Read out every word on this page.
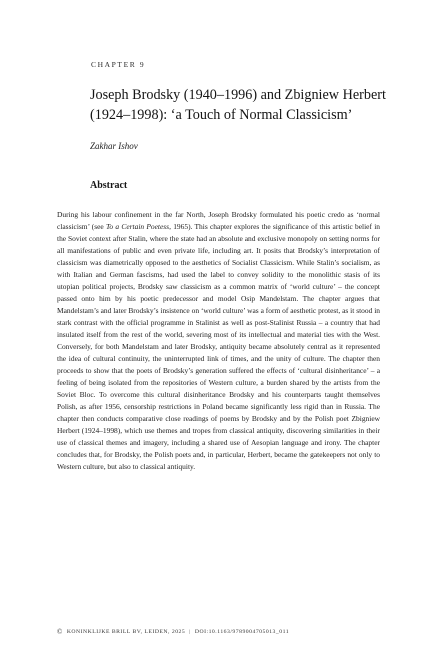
CHAPTER 9
Joseph Brodsky (1940–1996) and Zbigniew Herbert (1924–1998): ‘a Touch of Normal Classicism’
Zakhar Ishov
Abstract

During his labour confinement in the far North, Joseph Brodsky formulated his poetic credo as ‘normal classicism’ (see To a Certain Poetess, 1965). This chapter explores the significance of this artistic belief in the Soviet context after Stalin, where the state had an absolute and exclusive monopoly on setting norms for all manifestations of public and even private life, including art. It posits that Brodsky’s interpretation of classicism was diametrically opposed to the aesthetics of Socialist Classicism. While Stalin’s socialism, as with Italian and German fascisms, had used the label to convey solidity to the monolithic stasis of its utopian political projects, Brodsky saw classicism as a common matrix of ‘world culture’ – the concept passed onto him by his poetic predecessor and model Osip Mandelstam. The chapter argues that Mandelstam’s and later Brodsky’s insistence on ‘world culture’ was a form of aesthetic protest, as it stood in stark contrast with the official programme in Stalinist as well as post-Stalinist Russia – a country that had insulated itself from the rest of the world, severing most of its intellectual and material ties with the West. Conversely, for both Mandelstam and later Brodsky, antiquity became absolutely central as it represented the idea of cultural continuity, the uninterrupted link of times, and the unity of culture. The chapter then proceeds to show that the poets of Brodsky’s generation suffered the effects of ‘cultural disinheritance’ – a feeling of being isolated from the repositories of Western culture, a burden shared by the artists from the Soviet Bloc. To overcome this cultural disinheritance Brodsky and his counterparts taught themselves Polish, as after 1956, censorship restrictions in Poland became significantly less rigid than in Russia. The chapter then conducts comparative close readings of poems by Brodsky and by the Polish poet Zbigniew Herbert (1924–1998), which use themes and tropes from classical antiquity, discovering similarities in their use of classical themes and imagery, including a shared use of Aesopian language and irony. The chapter concludes that, for Brodsky, the Polish poets and, in particular, Herbert, became the gatekeepers not only to Western culture, but also to classical antiquity.

© KONINKLIJKE BRILL BV, LEIDEN, 2025 | DOI:10.1163/9789004705013_011
